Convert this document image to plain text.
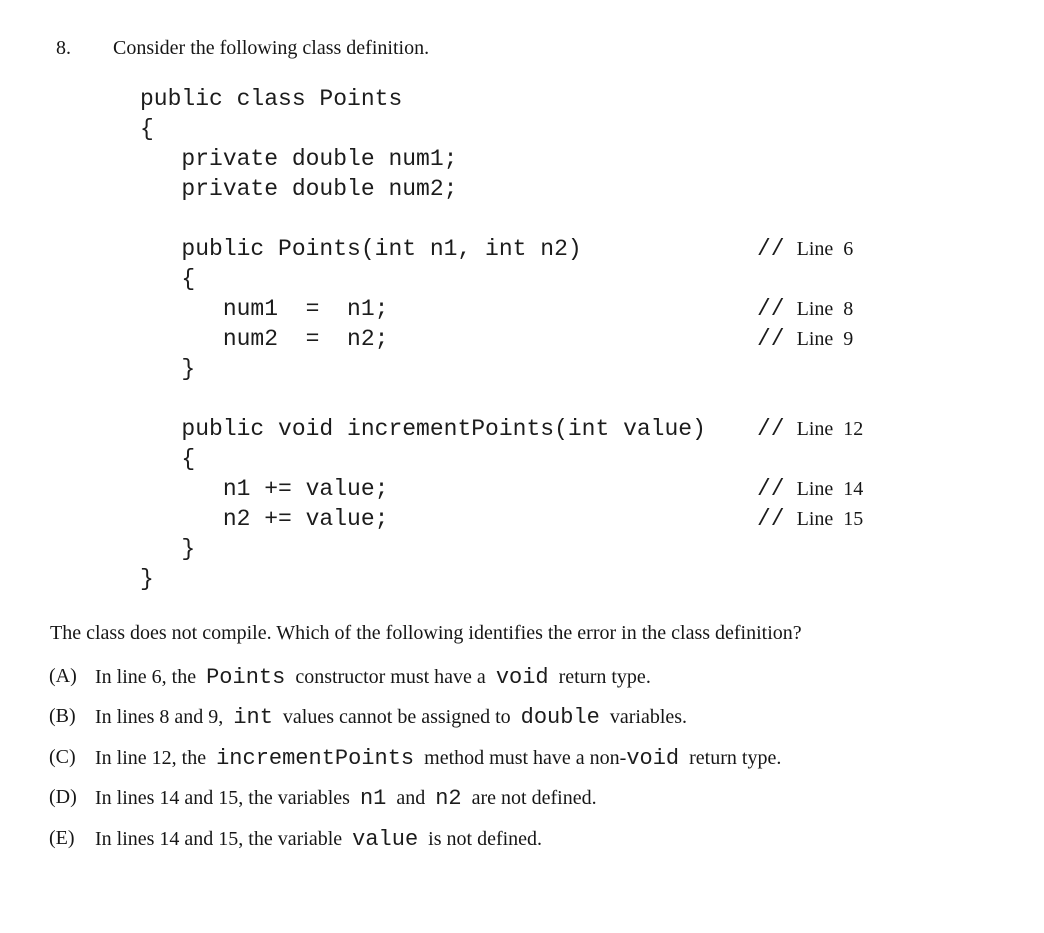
8. Consider the following class definition.
public class Points
{
private double num1;
private double num2;

public Points(int n1, int n2)	// Line 6
{
num1  =  n1;	// Line 8
num2  =  n2;	// Line 9
}

public void incrementPoints(int value)	// Line 12
{
n1 += value;	// Line 14
n2 += value;	// Line 15
}
}
The class does not compile. Which of the following identifies the error in the class definition?
(A) In line 6, the Points constructor must have a void return type.
(B) In lines 8 and 9, int values cannot be assigned to double variables.
(C) In line 12, the incrementPoints method must have a non-void return type.
(D) In lines 14 and 15, the variables n1 and n2 are not defined.
(E) In lines 14 and 15, the variable value is not defined.
